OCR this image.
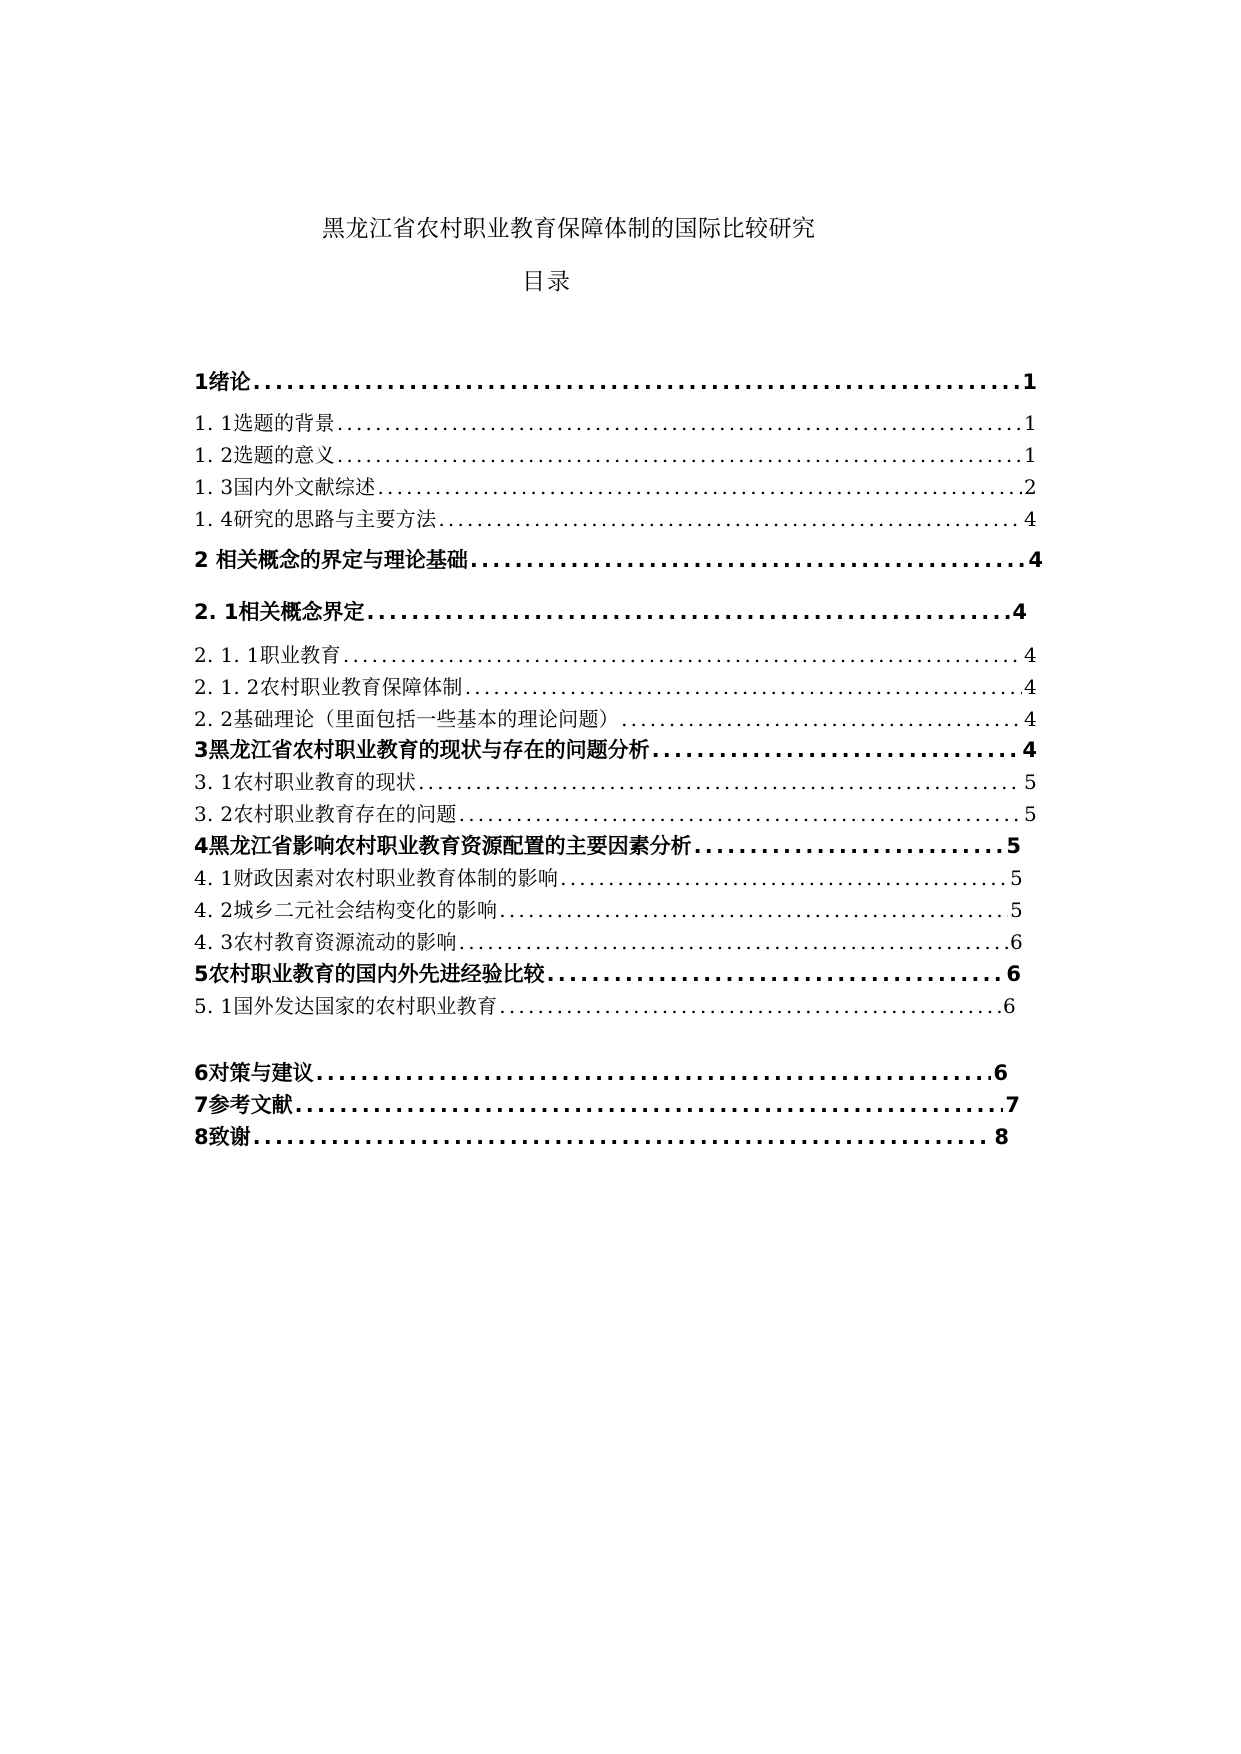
黑龙江省农村职业教育保障体制的国际比较研究
目录
1绪论 .....	1
1. 1选题的背景 .....	1
1. 2选题的意义 .....	1
1. 3国内外文献综述 .....	2
1. 4研究的思路与主要方法 .....	4
2 相关概念的界定与理论基础 .....	4
2. 1相关概念界定 .....	4
2. 1. 1职业教育 .....	4
2. 1. 2农村职业教育保障体制 .....	4
2. 2基础理论（里面包括一些基本的理论问题） .....	4
3黑龙江省农村职业教育的现状与存在的问题分析 .....	4
3. 1农村职业教育的现状 .....	5
3. 2农村职业教育存在的问题 .....	5
4黑龙江省影响农村职业教育资源配置的主要因素分析 .....	5
4. 1财政因素对农村职业教育体制的影响 .....	5
4. 2城乡二元社会结构变化的影响 .....	5
4. 3农村教育资源流动的影响 .....	6
5农村职业教育的国内外先进经验比较 .....	6
5. 1国外发达国家的农村职业教育 .....	6
6对策与建议 .....	6
7参考文献 .....	7
8致谢 .....	8
